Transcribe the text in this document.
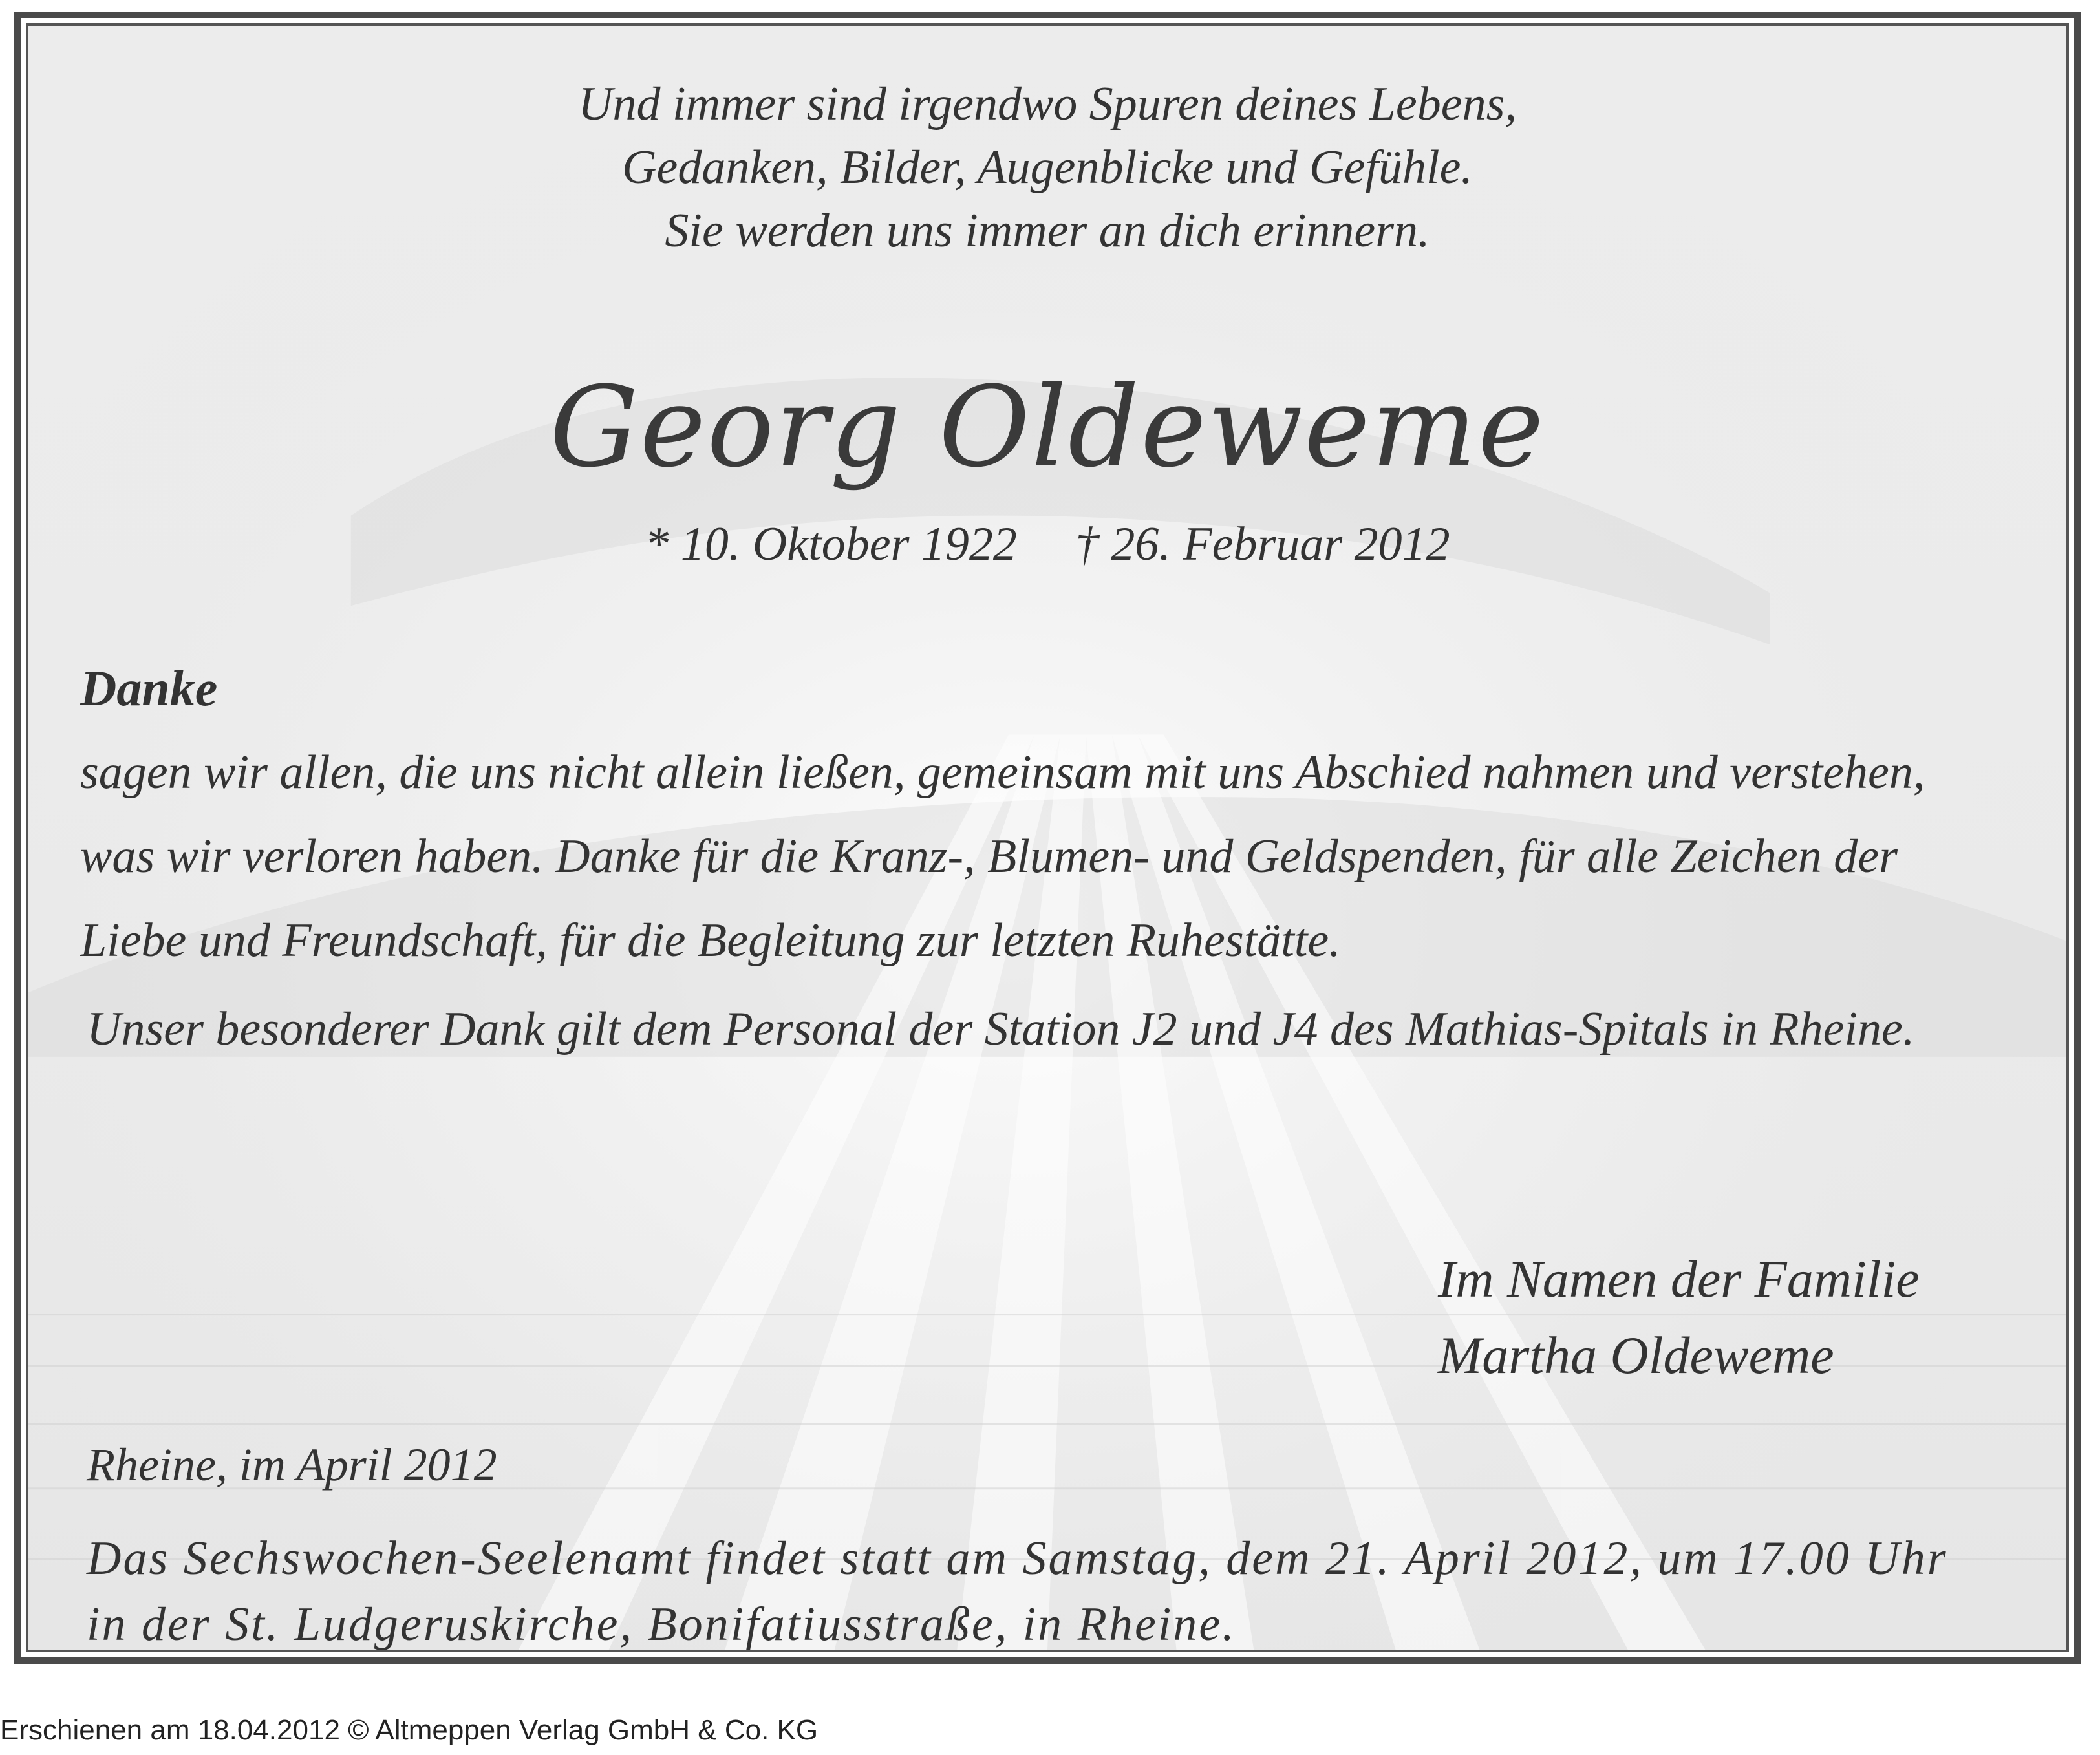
Und immer sind irgendwo Spuren deines Lebens,
Gedanken, Bilder, Augenblicke und Gefühle.
Sie werden uns immer an dich erinnern.
Georg Oldeweme
* 10. Oktober 1922 † 26. Februar 2012
Danke
sagen wir allen, die uns nicht allein ließen, gemeinsam mit uns Abschied nahmen und verstehen,
was wir verloren haben. Danke für die Kranz-, Blumen- und Geldspenden, für alle Zeichen der
Liebe und Freundschaft, für die Begleitung zur letzten Ruhestätte.
Unser besonderer Dank gilt dem Personal der Station J2 und J4 des Mathias-Spitals in Rheine.
Im Namen der Familie
Martha Oldeweme
Rheine, im April 2012
Das Sechswochen-Seelenamt findet statt am Samstag, dem 21. April 2012, um 17.00 Uhr
in der St. Ludgeruskirche, Bonifatiusstraße, in Rheine.
Erschienen am 18.04.2012 © Altmeppen Verlag GmbH & Co. KG
